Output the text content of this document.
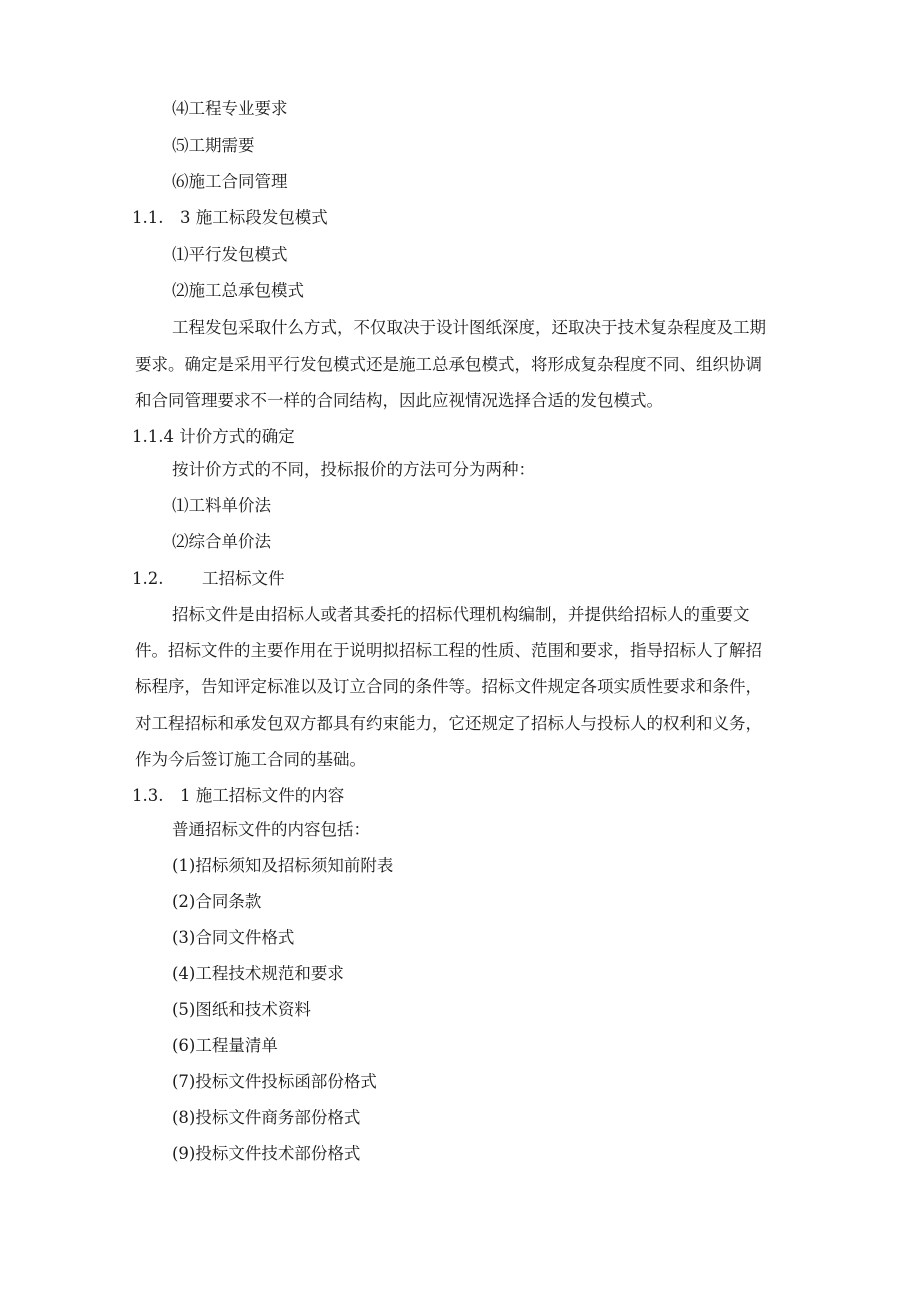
⑷工程专业要求
⑸工期需要
⑹施工合同管理
1.1.　3 施工标段发包模式
⑴平行发包模式
⑵施工总承包模式
工程发包采取什么方式，不仅取决于设计图纸深度，还取决于技术复杂程度及工期
要求。确定是采用平行发包模式还是施工总承包模式，将形成复杂程度不同、组织协调
和合同管理要求不一样的合同结构，因此应视情况选择合适的发包模式。
1.1.4 计价方式的确定
按计价方式的不同，投标报价的方法可分为两种：
⑴工料单价法
⑵综合单价法
1.2. 工招标文件
招标文件是由招标人或者其委托的招标代理机构编制，并提供给招标人的重要文
件。招标文件的主要作用在于说明拟招标工程的性质、范围和要求，指导招标人了解招
标程序，告知评定标准以及订立合同的条件等。招标文件规定各项实质性要求和条件，
对工程招标和承发包双方都具有约束能力，它还规定了招标人与投标人的权利和义务，
作为今后签订施工合同的基础。
1.3.　1 施工招标文件的内容
普通招标文件的内容包括：
(1)招标须知及招标须知前附表
(2)合同条款
(3)合同文件格式
(4)工程技术规范和要求
(5)图纸和技术资料
(6)工程量清单
(7)投标文件投标函部份格式
(8)投标文件商务部份格式
(9)投标文件技术部份格式
